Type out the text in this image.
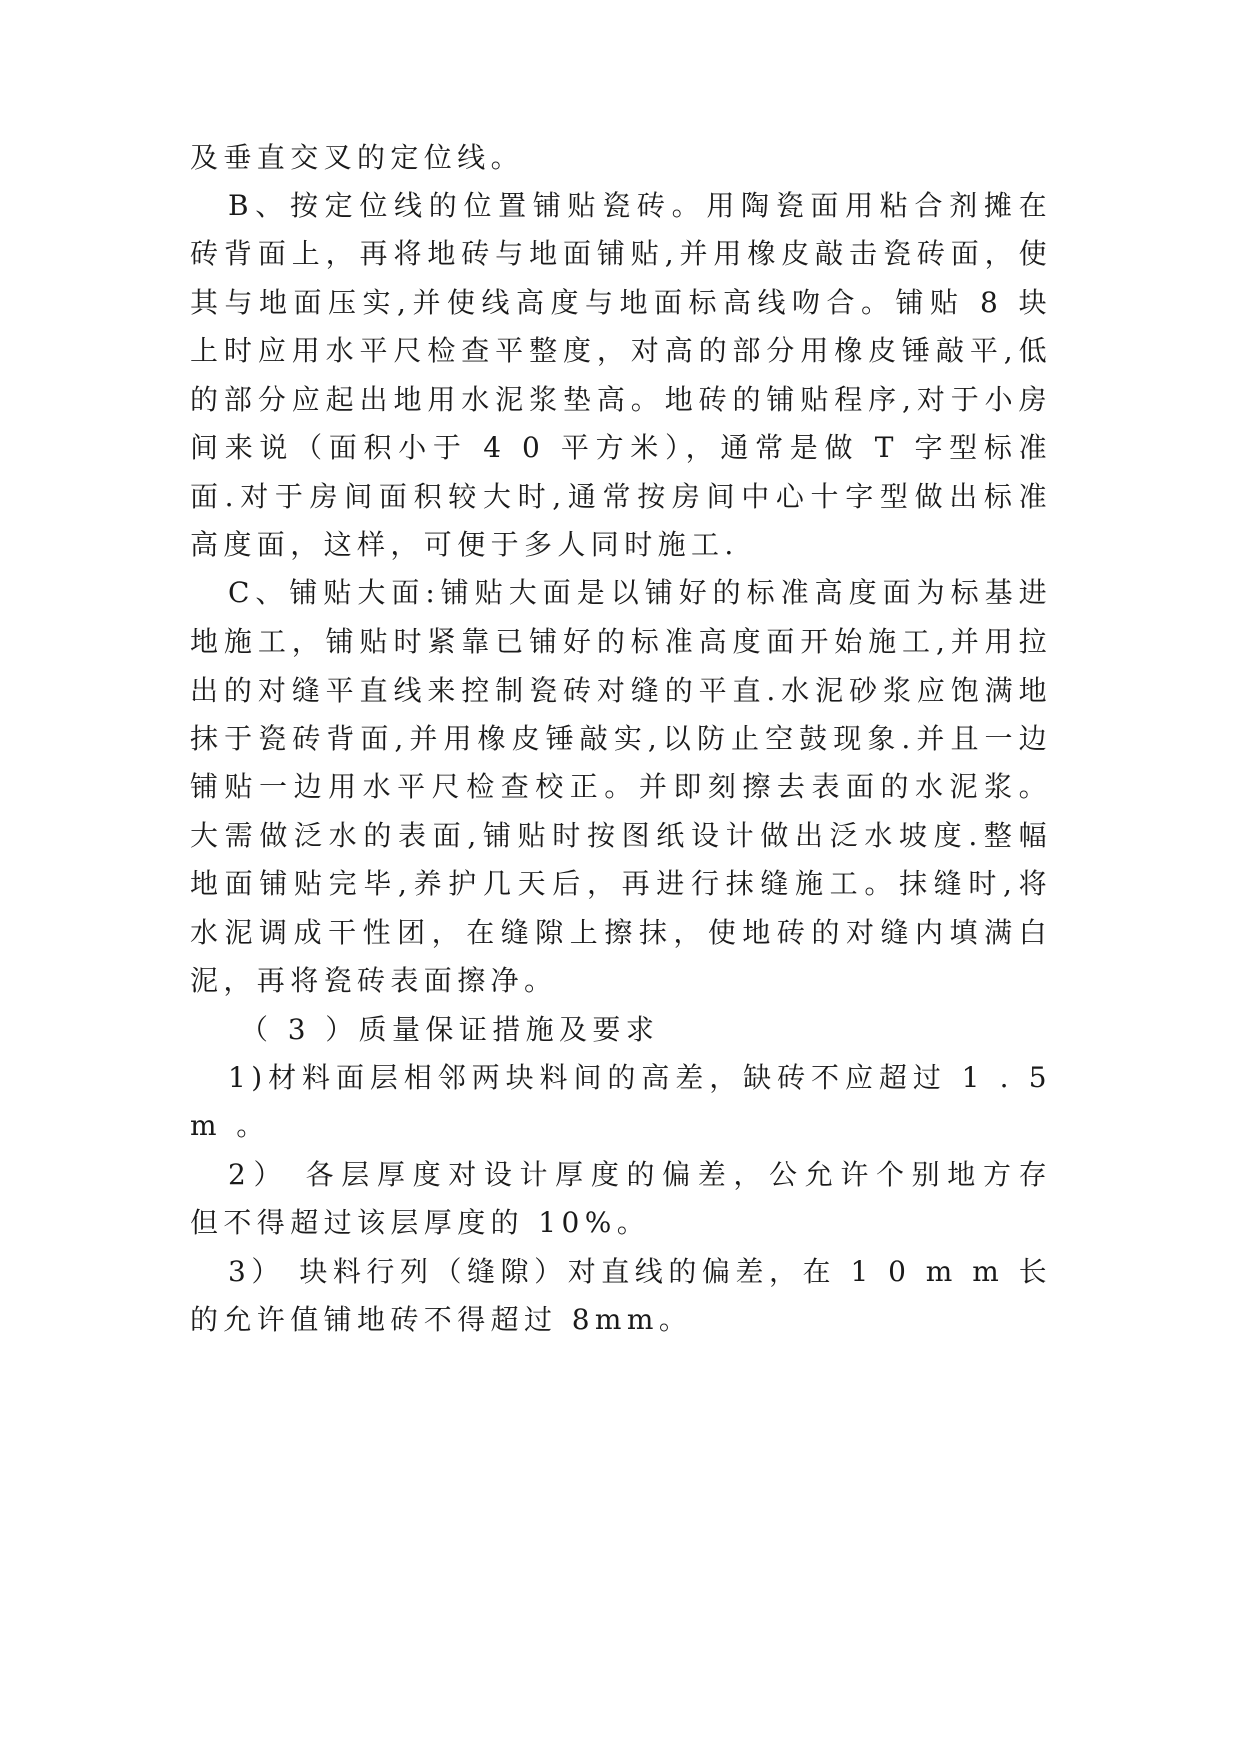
及垂直交叉的定位线。
B、按定位线的位置铺贴瓷砖。用陶瓷面用粘合剂摊在
砖背面上，再将地砖与地面铺贴,并用橡皮敲击瓷砖面，使
其与地面压实,并使线高度与地面标高线吻合。铺贴 8 块
上时应用水平尺检查平整度，对高的部分用橡皮锤敲平,低
的部分应起出地用水泥浆垫高。地砖的铺贴程序,对于小房
间来说（面积小于 4 0 平方米），通常是做 T 字型标准
面.对于房间面积较大时,通常按房间中心十字型做出标准
高度面，这样，可便于多人同时施工.
C、铺贴大面:铺贴大面是以铺好的标准高度面为标基进
地施工，铺贴时紧靠已铺好的标准高度面开始施工,并用拉
出的对缝平直线来控制瓷砖对缝的平直.水泥砂浆应饱满地
抹于瓷砖背面,并用橡皮锤敲实,以防止空鼓现象.并且一边
铺贴一边用水平尺检查校正。并即刻擦去表面的水泥浆。
大需做泛水的表面,铺贴时按图纸设计做出泛水坡度.整幅
地面铺贴完毕,养护几天后，再进行抹缝施工。抹缝时,将
水泥调成干性团，在缝隙上擦抹，使地砖的对缝内填满白
泥，再将瓷砖表面擦净。
（ 3 ）质量保证措施及要求
1)材料面层相邻两块料间的高差，缺砖不应超过 1 . 5
m 。
2） 各层厚度对设计厚度的偏差，公允许个别地方存
但不得超过该层厚度的 10%。
3） 块料行列（缝隙）对直线的偏差，在 1 0 m m 长
的允许值铺地砖不得超过 8mm。
